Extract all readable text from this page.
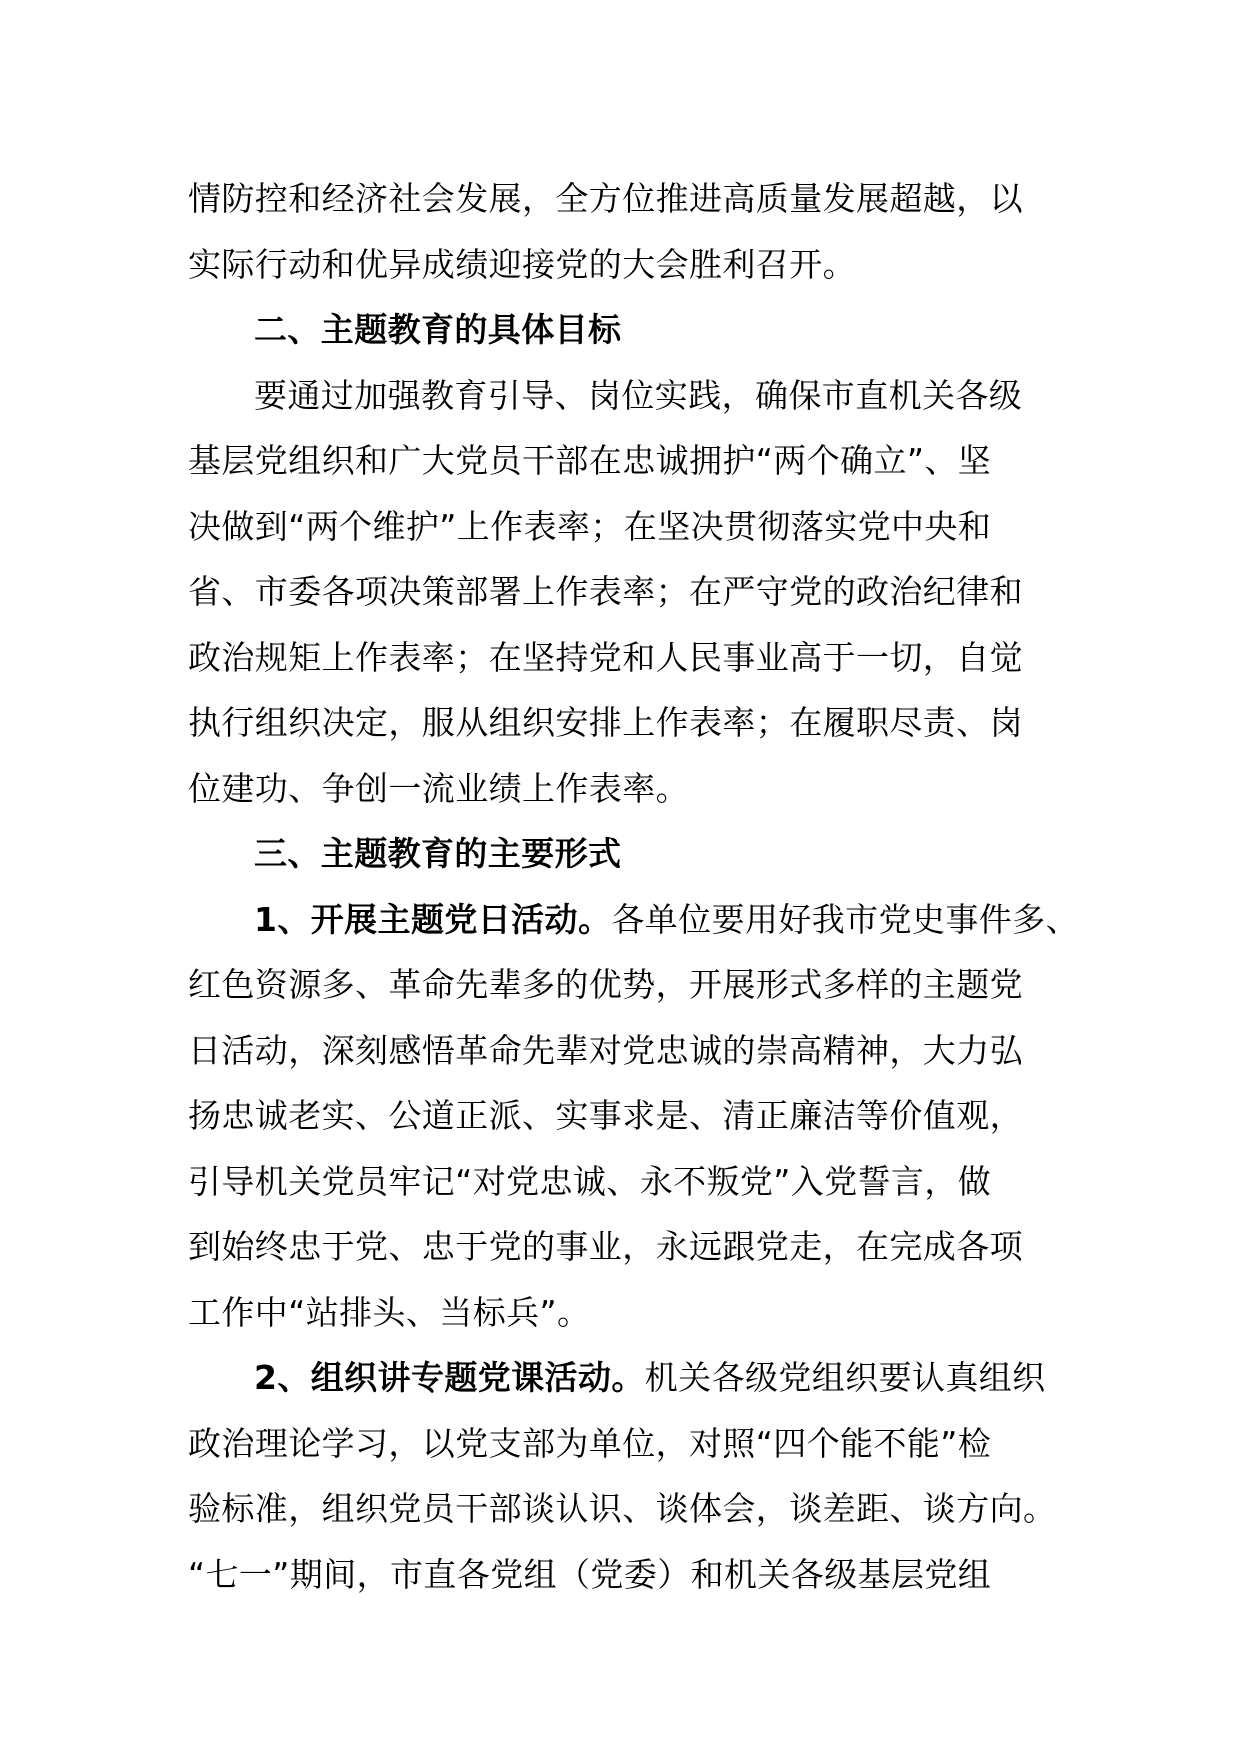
情防控和经济社会发展，全方位推进高质量发展超越，以
实际行动和优异成绩迎接党的大会胜利召开。
二、主题教育的具体目标
要通过加强教育引导、岗位实践，确保市直机关各级
基层党组织和广大党员干部在忠诚拥护“两个确立”、坚
决做到“两个维护”上作表率；在坚决贯彻落实党中央和
省、市委各项决策部署上作表率；在严守党的政治纪律和
政治规矩上作表率；在坚持党和人民事业高于一切，自觉
执行组织决定，服从组织安排上作表率；在履职尽责、岗
位建功、争创一流业绩上作表率。
三、主题教育的主要形式
1、开展主题党日活动。各单位要用好我市党史事件多、
红色资源多、革命先辈多的优势，开展形式多样的主题党
日活动，深刻感悟革命先辈对党忠诚的崇高精神，大力弘
扬忠诚老实、公道正派、实事求是、清正廉洁等价值观，
引导机关党员牢记“对党忠诚、永不叛党”入党誓言，做
到始终忠于党、忠于党的事业，永远跟党走，在完成各项
工作中“站排头、当标兵”。
2、组织讲专题党课活动。机关各级党组织要认真组织
政治理论学习，以党支部为单位，对照“四个能不能”检
验标准，组织党员干部谈认识、谈体会，谈差距、谈方向。
“七一”期间，市直各党组（党委）和机关各级基层党组
